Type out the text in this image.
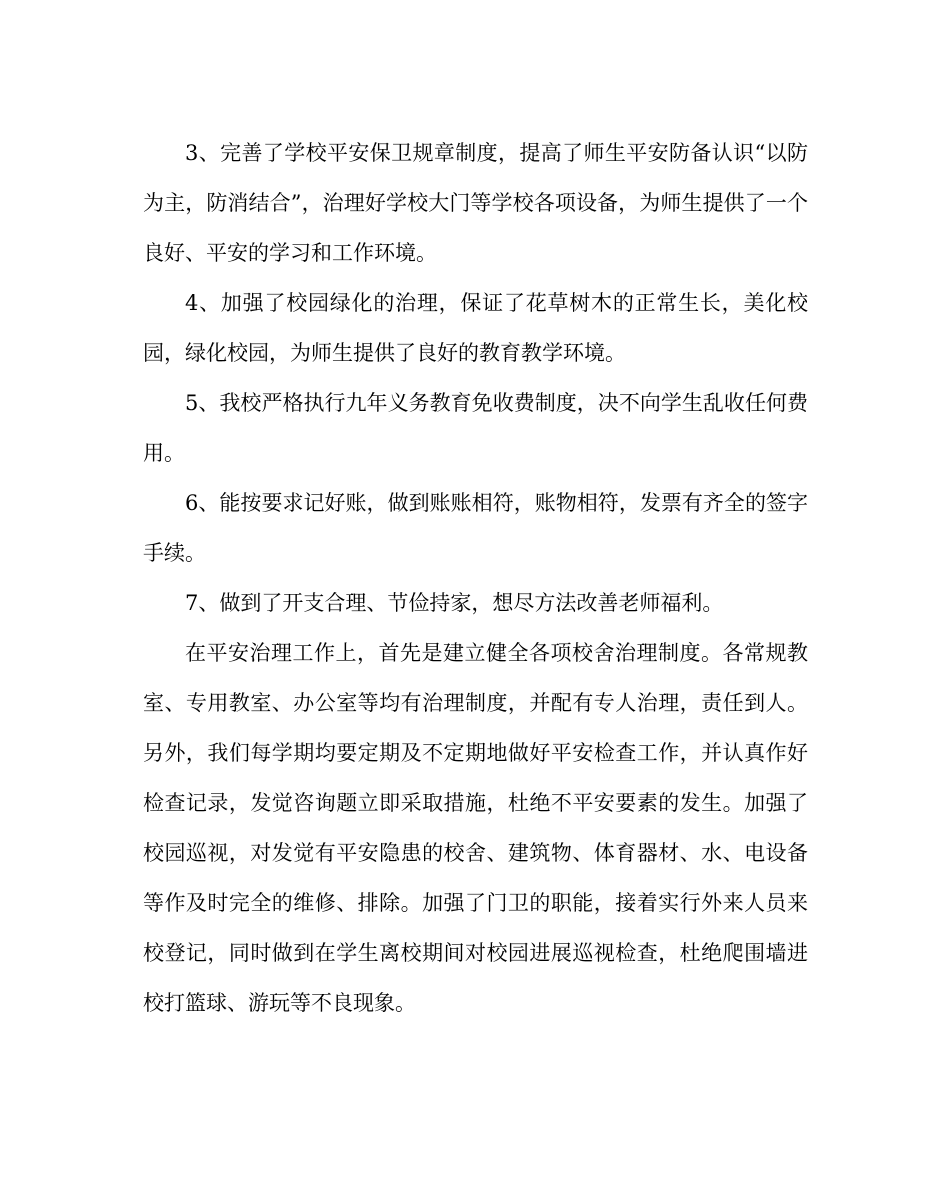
3、完善了学校平安保卫规章制度，提高了师生平安防备认识“以防为主，防消结合”，治理好学校大门等学校各项设备，为师生提供了一个良好、平安的学习和工作环境。

4、加强了校园绿化的治理，保证了花草树木的正常生长，美化校园，绿化校园，为师生提供了良好的教育教学环境。

5、我校严格执行九年义务教育免收费制度，决不向学生乱收任何费用。

6、能按要求记好账，做到账账相符，账物相符，发票有齐全的签字手续。

7、做到了开支合理、节俭持家，想尽方法改善老师福利。

在平安治理工作上，首先是建立健全各项校舍治理制度。各常规教室、专用教室、办公室等均有治理制度，并配有专人治理，责任到人。另外，我们每学期均要定期及不定期地做好平安检查工作，并认真作好检查记录，发觉咨询题立即采取措施，杜绝不平安要素的发生。加强了校园巡视，对发觉有平安隐患的校舍、建筑物、体育器材、水、电设备等作及时完全的维修、排除。加强了门卫的职能，接着实行外来人员来校登记，同时做到在学生离校期间对校园进展巡视检查，杜绝爬围墙进校打篮球、游玩等不良现象。
